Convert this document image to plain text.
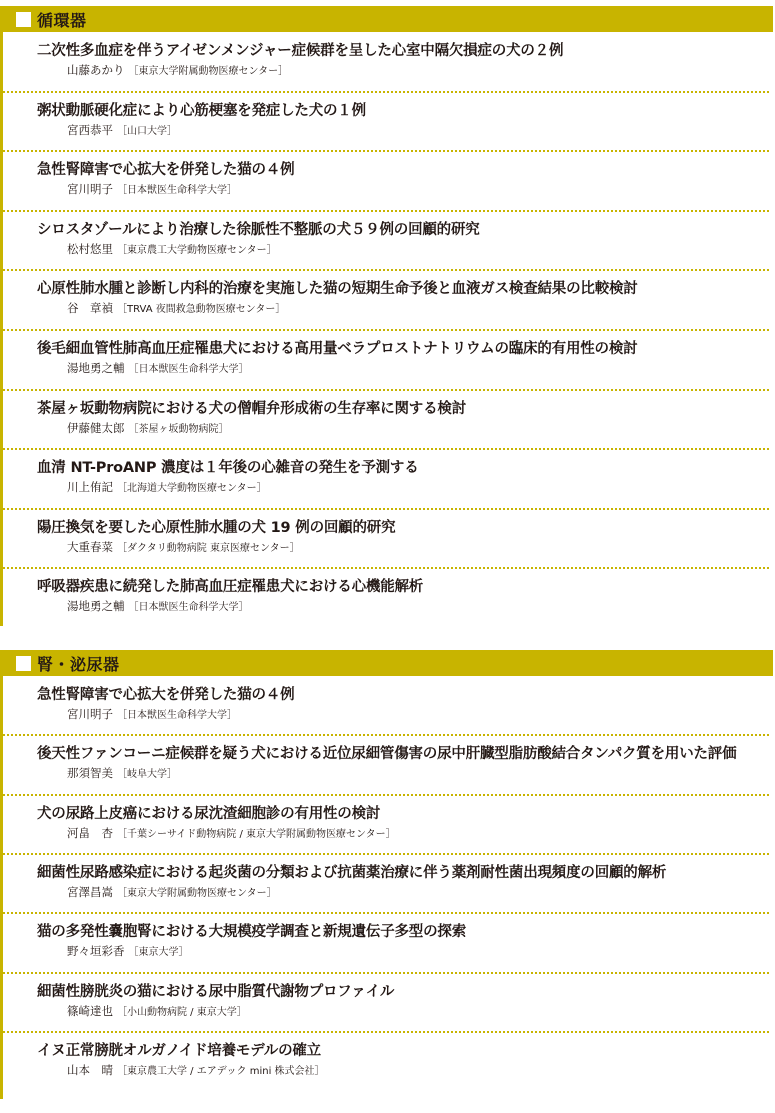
循環器
二次性多血症を伴うアイゼンメンジャー症候群を呈した心室中隔欠損症の犬の２例
山藤あかり ［東京大学附属動物医療センター］
粥状動脈硬化症により心筋梗塞を発症した犬の１例
宮西恭平 ［山口大学］
急性腎障害で心拡大を併発した猫の４例
宮川明子 ［日本獣医生命科学大学］
シロスタゾールにより治療した徐脈性不整脈の犬５９例の回顧的研究
松村悠里 ［東京農工大学動物医療センター］
心原性肺水腫と診断し内科的治療を実施した猫の短期生命予後と血液ガス検査結果の比較検討
谷　章禎 ［TRVA 夜間救急動物医療センター］
後毛細血管性肺高血圧症罹患犬における高用量ベラプロストナトリウムの臨床的有用性の検討
湯地勇之輔 ［日本獣医生命科学大学］
茶屋ヶ坂動物病院における犬の僧帽弁形成術の生存率に関する検討
伊藤健太郎 ［茶屋ヶ坂動物病院］
血清 NT-ProANP 濃度は１年後の心雑音の発生を予測する
川上侑記 ［北海道大学動物医療センター］
陽圧換気を要した心原性肺水腫の犬 19 例の回顧的研究
大重春菜 ［ダクタリ動物病院 東京医療センター］
呼吸器疾患に続発した肺高血圧症罹患犬における心機能解析
湯地勇之輔 ［日本獣医生命科学大学］
腎・泌尿器
急性腎障害で心拡大を併発した猫の４例
宮川明子 ［日本獣医生命科学大学］
後天性ファンコーニ症候群を疑う犬における近位尿細管傷害の尿中肝臓型脂肪酸結合タンパク質を用いた評価
那須智美 ［岐阜大学］
犬の尿路上皮癌における尿沈渣細胞診の有用性の検討
河畠　杏 ［千葉シーサイド動物病院 / 東京大学附属動物医療センター］
細菌性尿路感染症における起炎菌の分類および抗菌薬治療に伴う薬剤耐性菌出現頻度の回顧的解析
宮澤昌嵩 ［東京大学附属動物医療センター］
猫の多発性嚢胞腎における大規模疫学調査と新規遺伝子多型の探索
野々垣彩香 ［東京大学］
細菌性膀胱炎の猫における尿中脂質代謝物プロファイル
篠崎達也 ［小山動物病院 / 東京大学］
イヌ正常膀胱オルガノイド培養モデルの確立
山本　晴 ［東京農工大学 / エアデック mini 株式会社］
